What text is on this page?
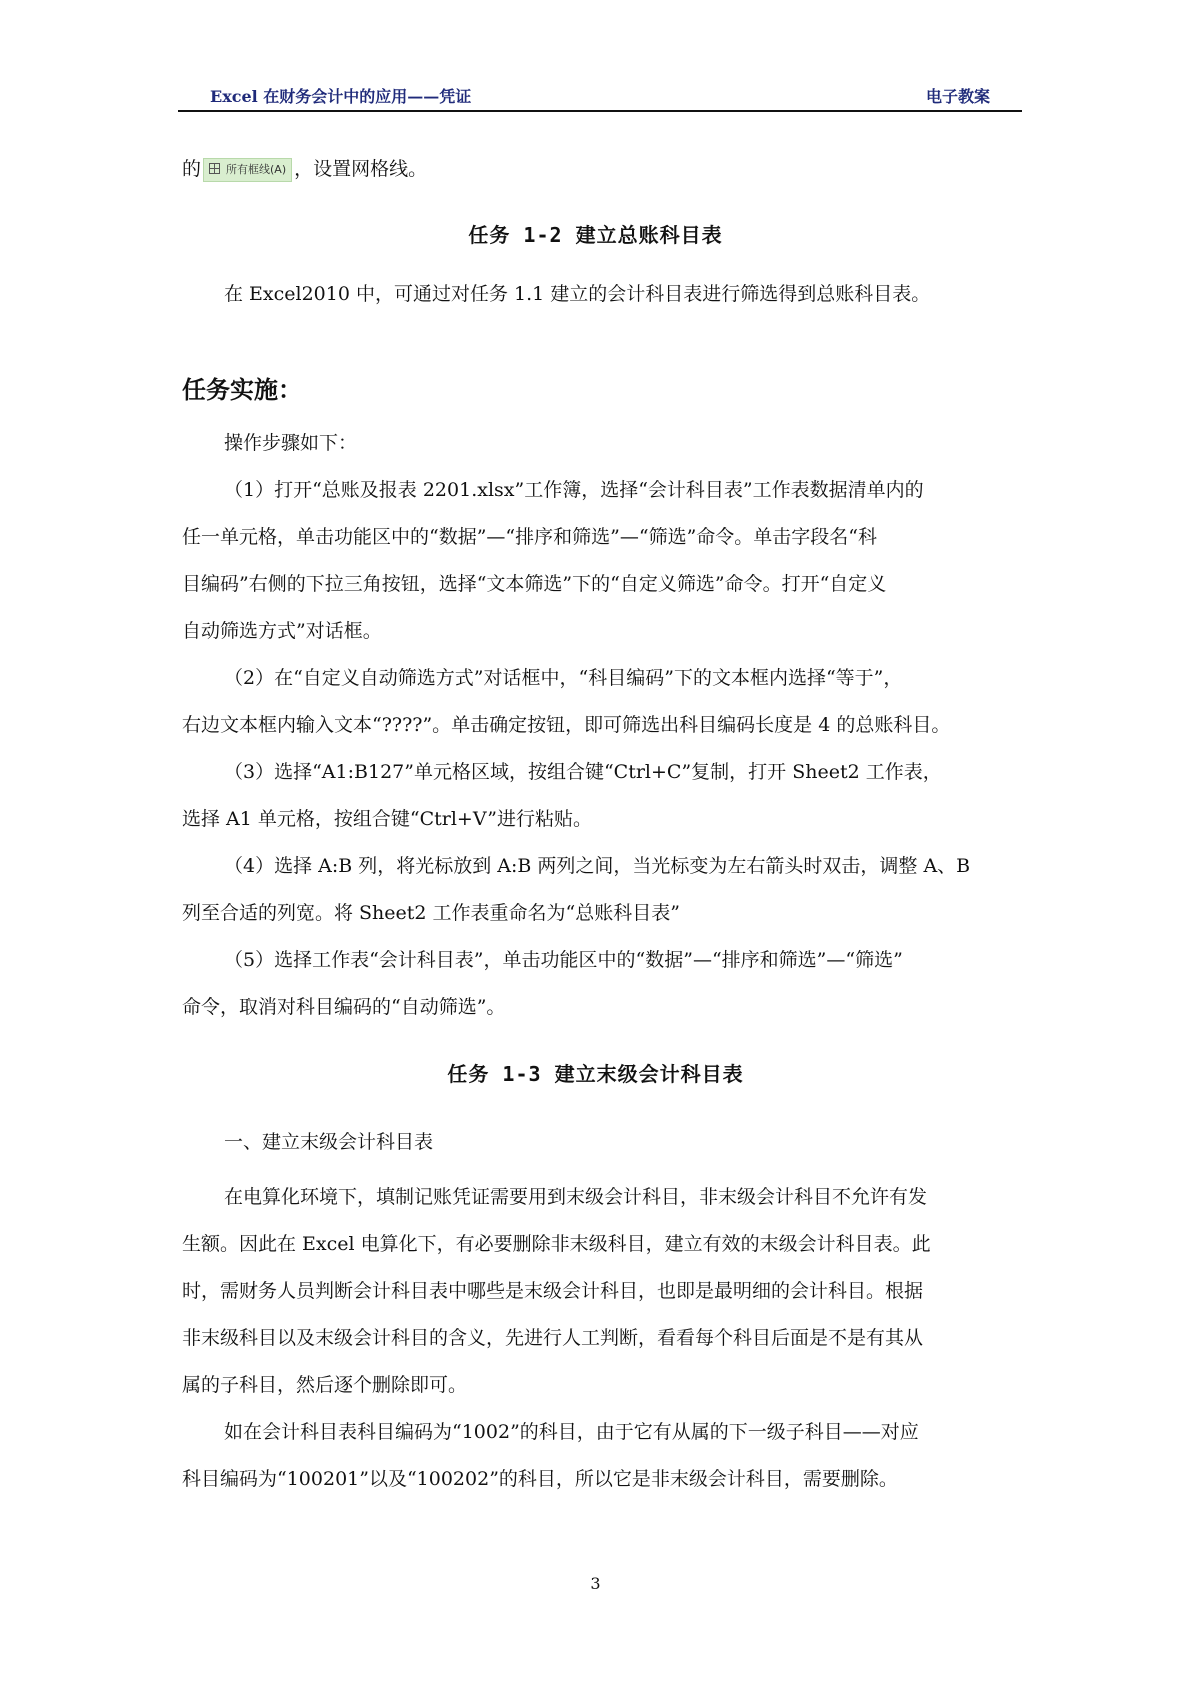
Excel 在财务会计中的应用——凭证	电子教案
的 所有框线(A) ，设置网格线。
任务 1-2 建立总账科目表
在 Excel2010 中，可通过对任务 1.1 建立的会计科目表进行筛选得到总账科目表。
任务实施：
操作步骤如下：
（1）打开“总账及报表 2201.xlsx”工作簿，选择“会计科目表”工作表数据清单内的
任一单元格，单击功能区中的“数据”—“排序和筛选”—“筛选”命令。单击字段名“科
目编码”右侧的下拉三角按钮，选择“文本筛选”下的“自定义筛选”命令。打开“自定义
自动筛选方式”对话框。
（2）在“自定义自动筛选方式”对话框中，“科目编码”下的文本框内选择“等于”，
右边文本框内输入文本“????”。单击确定按钮，即可筛选出科目编码长度是 4 的总账科目。
（3）选择“A1:B127”单元格区域，按组合键“Ctrl+C”复制，打开 Sheet2 工作表，
选择 A1 单元格，按组合键“Ctrl+V”进行粘贴。
（4）选择 A:B 列，将光标放到 A:B 两列之间，当光标变为左右箭头时双击，调整 A、B
列至合适的列宽。将 Sheet2 工作表重命名为“总账科目表”
（5）选择工作表“会计科目表”，单击功能区中的“数据”—“排序和筛选”—“筛选”
命令，取消对科目编码的“自动筛选”。
任务 1-3 建立末级会计科目表
一、建立末级会计科目表
在电算化环境下，填制记账凭证需要用到末级会计科目，非末级会计科目不允许有发
生额。因此在 Excel 电算化下，有必要删除非末级科目，建立有效的末级会计科目表。此
时，需财务人员判断会计科目表中哪些是末级会计科目，也即是最明细的会计科目。根据
非末级科目以及末级会计科目的含义，先进行人工判断，看看每个科目后面是不是有其从
属的子科目，然后逐个删除即可。
如在会计科目表科目编码为“1002”的科目，由于它有从属的下一级子科目——对应
科目编码为“100201”以及“100202”的科目，所以它是非末级会计科目，需要删除。
3
